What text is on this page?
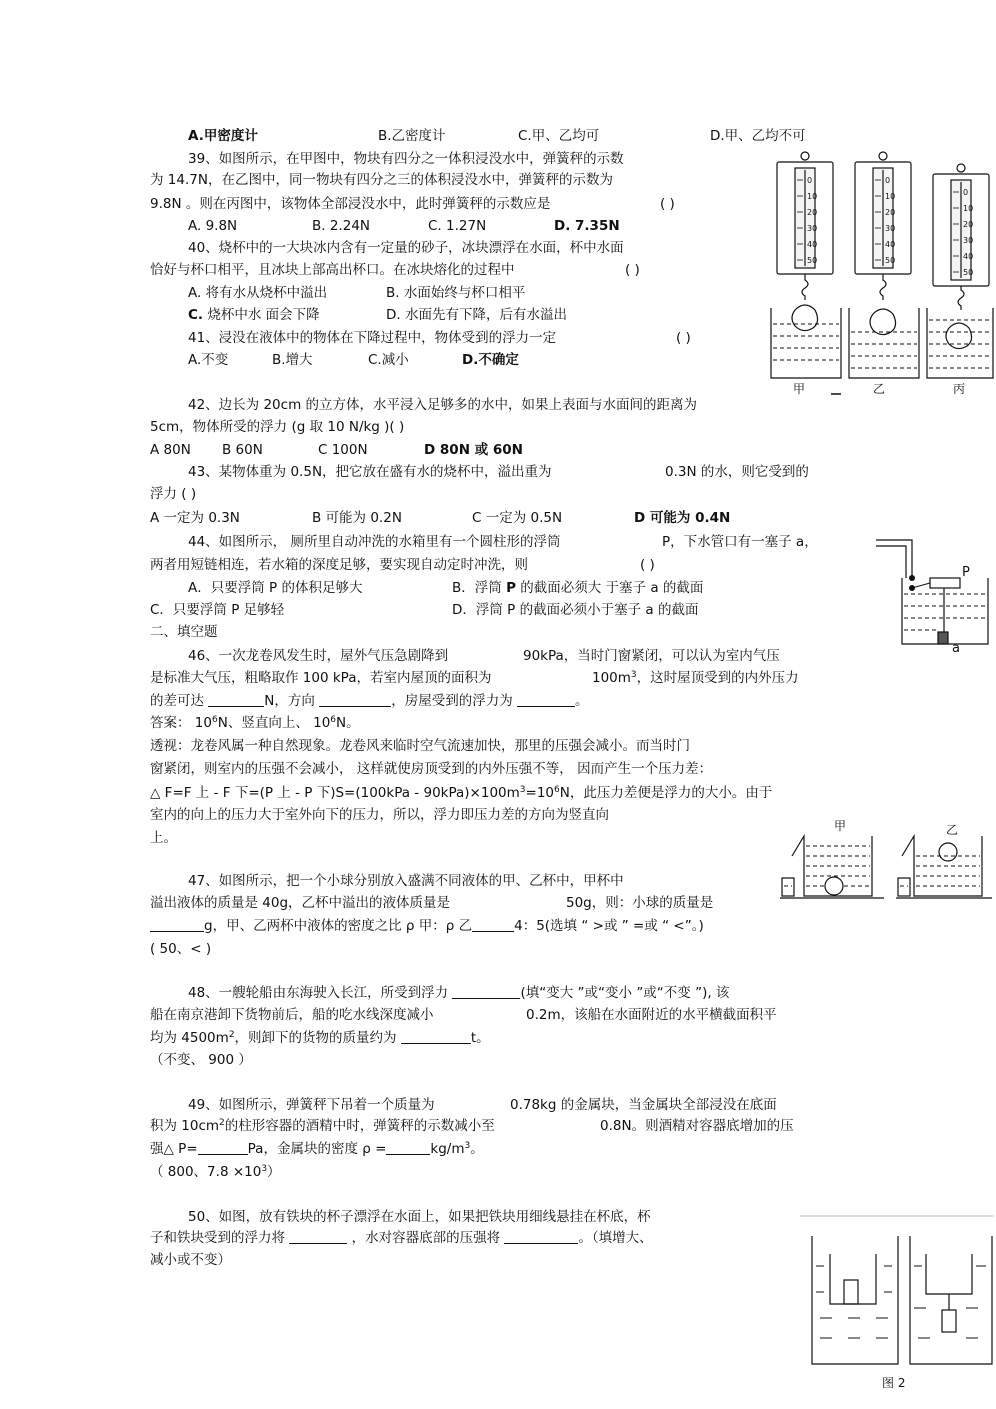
A.甲密度计	B.乙密度计	C.甲、乙均可	D.甲、乙均不可
39、如图所示，在甲图中，物块有四分之一体积浸没水中，弹簧秤的示数
为 14.7N，在乙图中，同一物块有四分之三的体积浸没水中，弹簧秤的示数为
9.8N 。则在丙图中，该物体全部浸没水中，此时弹簧秤的示数应是	( )
A. 9.8N	B. 2.24N	C. 1.27N	D. 7.35N
40、烧杯中的一大块冰内含有一定量的砂子，冰块漂浮在水面，杯中水面
恰好与杯口相平，且冰块上部高出杯口。在冰块熔化的过程中	( )
A. 将有水从烧杯中溢出	B. 水面始终与杯口相平
C. 烧杯中水 面会下降	D. 水面先有下降，后有水溢出
41、浸没在液体中的物体在下降过程中，物体受到的浮力一定	( )
A.不变	B.增大	C.减小	D.不确定
0
10
20
30
40
50
0
10
20
30
40
50
0
10
20
30
40
50
甲	乙	丙
42、边长为 20cm 的立方体，水平浸入足够多的水中，如果上表面与水面间的距离为
5cm，物体所受的浮力 (g 取 10 N/kg )( )
A 80N B 60N	C 100N	D 80N 或 60N
43、某物体重为 0.5N，把它放在盛有水的烧杯中，溢出重为	0.3N 的水，则它受到的
浮力 ( )
A 一定为 0.3N	B 可能为 0.2N	C 一定为 0.5N	D 可能为 0.4N
44、如图所示， 厕所里自动冲洗的水箱里有一个圆柱形的浮筒	P，下水管口有一塞子 a，
两者用短链相连，若水箱的深度足够，要实现自动定时冲洗，则	( )
A．只要浮筒 P 的体积足够大	B．浮筒 P 的截面必须大 于塞子 a 的截面
C．只要浮筒 P 足够轻	D．浮筒 P 的截面必须小于塞子 a 的截面
P
a
二、填空题
46、一次龙卷风发生时，屋外气压急剧降到	90kPa，当时门窗紧闭，可以认为室内气压
是标准大气压，粗略取作 100 kPa，若室内屋顶的面积为	$100m^3$，这时屋顶受到的内外压力
的差可达	N，方向	，房屋受到的浮力为	。
答案： $10^6N$、竖直向上、 $10^6N$。
透视：龙卷风属一种自然现象。龙卷风来临时空气流速加快，那里的压强会减小。而当时门
窗紧闭，则室内的压强不会减小， 这样就使房顶受到的内外压强不等， 因而产生一个压力差：
△ F=F 上 - F 下=(P 上 - P 下)$S=(100kPa - 90kPa)\times 100m^3=10^6N$，此压力差便是浮力的大小。由于
室内的向上的压力大于室外向下的压力，所以，浮力即压力差的方向为竖直向
上。
甲	乙
47、如图所示，把一个小球分别放入盛满不同液体的甲、乙杯中，甲杯中
溢出液体的质量是 40g，乙杯中溢出的液体质量是	50g，则：小球的质量是
g，甲、乙两杯中液体的密度之比 ρ 甲：ρ 乙	4：5(选填 “ >或 ” =或 “ <”。)
( 50、< )
48、一艘轮船由东海驶入长江，所受到浮力	(填“变大 ”或“变小 ”或“不变 ”), 该
船在南京港卸下货物前后，船的吃水线深度减小	0.2m，该船在水面附近的水平横截面积平
均为 $4500m^2$，则卸下的货物的质量约为	t。
（不变、 900 ）
49、如图所示，弹簧秤下吊着一个质量为	0.78kg 的金属块，当金属块全部浸没在底面
积为 $10cm^2$的柱形容器的酒精中时，弹簧秤的示数减小至	0.8N。则酒精对容器底增加的压
强△ P=	Pa，金属块的密度 ρ =	$kg/m^3$。
（ 800、$7.8 \times 10^3$）
50、如图，放有铁块的杯子漂浮在水面上，如果把铁块用细线悬挂在杯底，杯
子和铁块受到的浮力将	，水对容器底部的压强将	。（填增大、
减小或不变）
图 2
